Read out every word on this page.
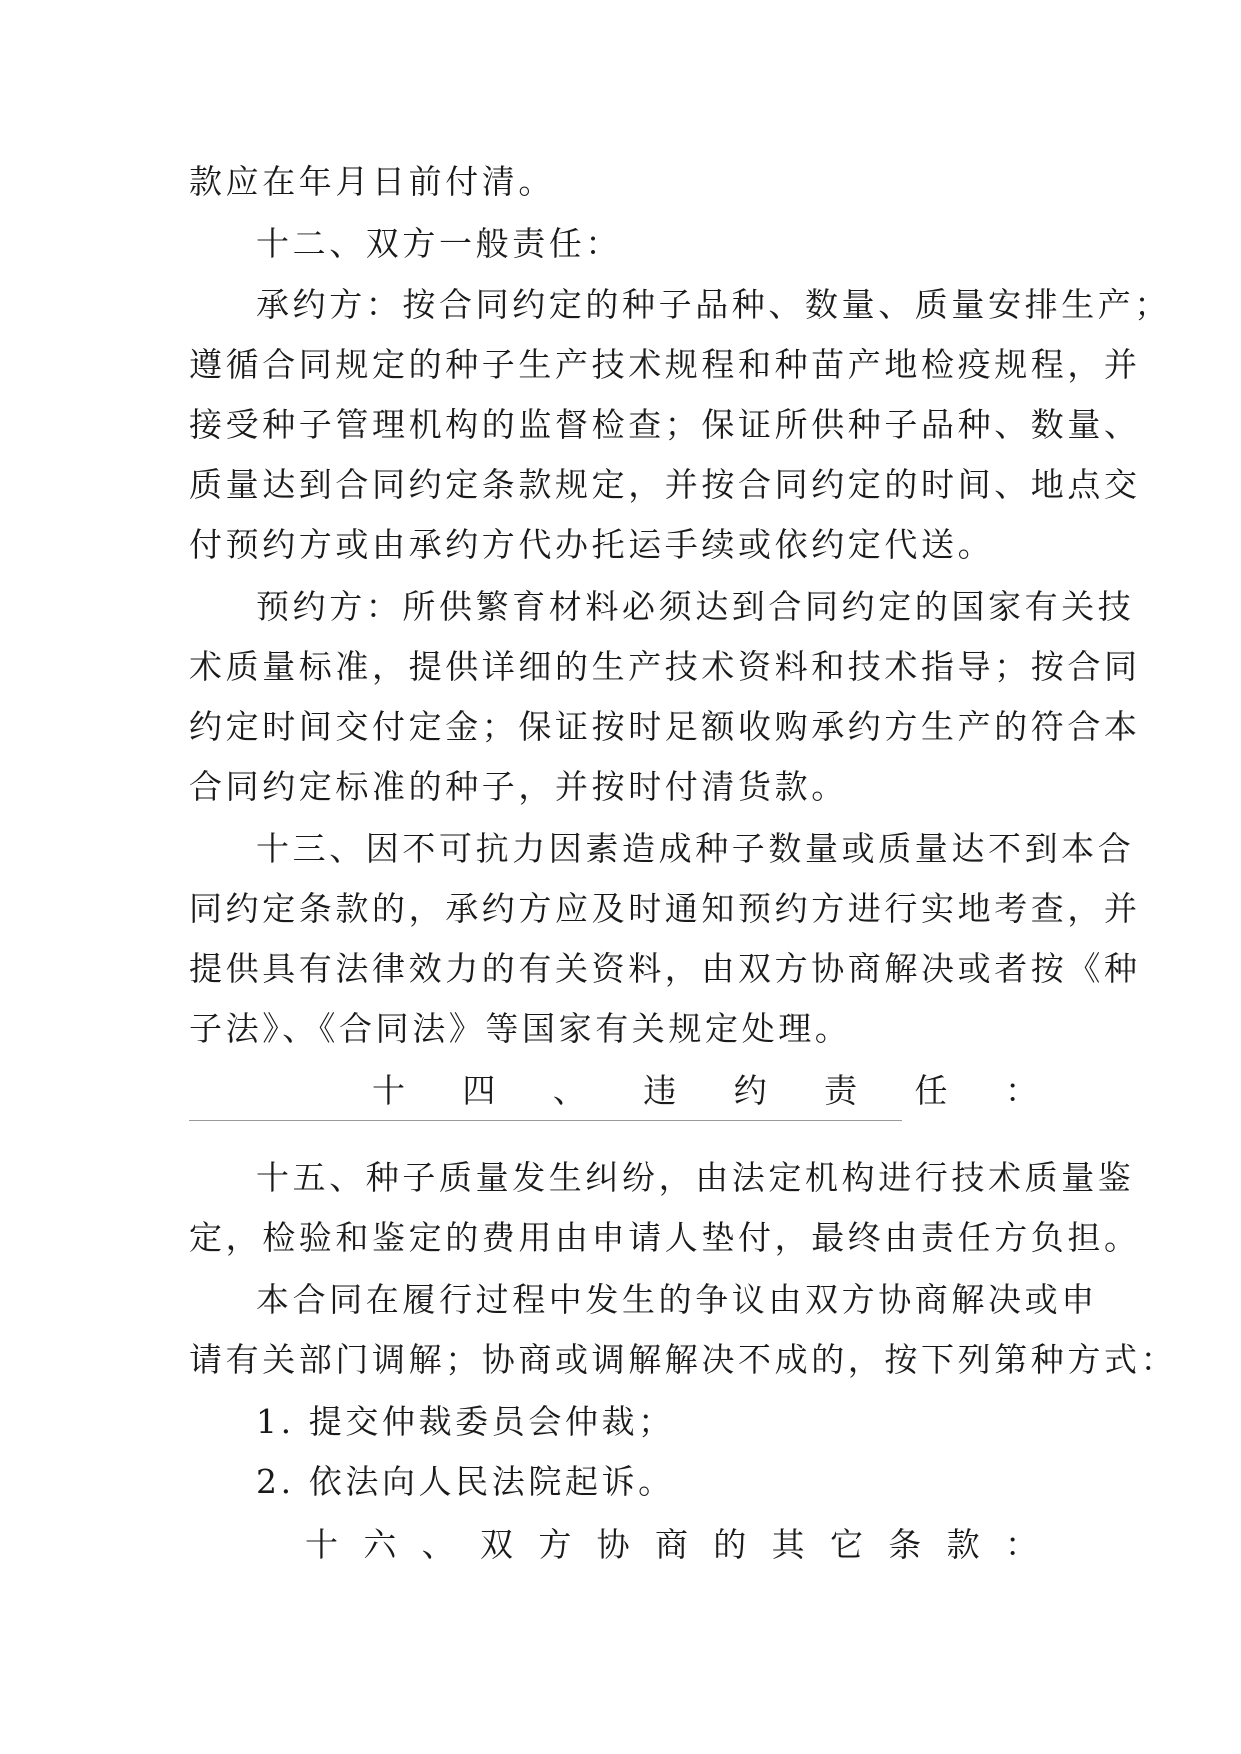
款应在年月日前付清。
十二、双方一般责任：
承约方：按合同约定的种子品种、数量、质量安排生产；
遵循合同规定的种子生产技术规程和种苗产地检疫规程，并
接受种子管理机构的监督检查；保证所供种子品种、数量、
质量达到合同约定条款规定，并按合同约定的时间、地点交
付预约方或由承约方代办托运手续或依约定代送。
预约方：所供繁育材料必须达到合同约定的国家有关技
术质量标准，提供详细的生产技术资料和技术指导；按合同
约定时间交付定金；保证按时足额收购承约方生产的符合本
合同约定标准的种子，并按时付清货款。
十三、因不可抗力因素造成种子数量或质量达不到本合
同约定条款的，承约方应及时通知预约方进行实地考查，并
提供具有法律效力的有关资料，由双方协商解决或者按《种
子法》、《合同法》等国家有关规定处理。
十 四 、 违 约 责 任 ：
十五、种子质量发生纠纷，由法定机构进行技术质量鉴
定，检验和鉴定的费用由申请人垫付，最终由责任方负担。
本合同在履行过程中发生的争议由双方协商解决或申
请有关部门调解；协商或调解解决不成的，按下列第种方式：
1. 提交仲裁委员会仲裁；
2. 依法向人民法院起诉。
十 六 、 双 方 协 商 的 其 它 条 款 ：
